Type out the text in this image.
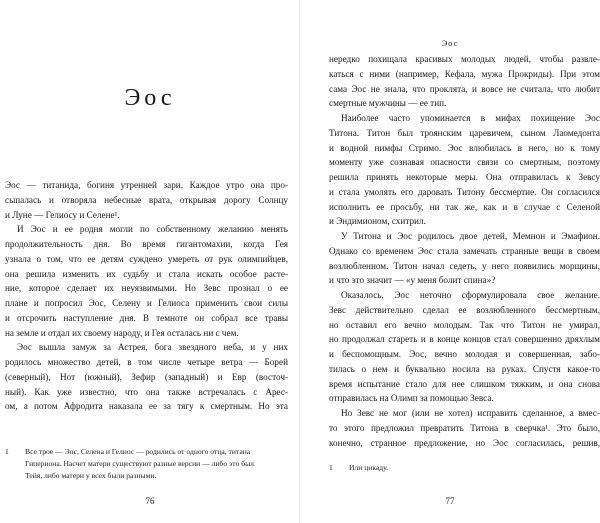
Эос
Эос — титанида, богиня утренней зари. Каждое утро она про-
сыпалась и отворяла небесные врата, открывая дорогу Солнцу
и Луне — Гелиосу и Селене¹.
И Эос и ее родня могли по собственному желанию менять
продолжительность дня. Во время гигантомахии, когда Гея
узнала о том, что ее детям суждено умереть от рук олимпийцев,
она решила изменить их судьбу и стала искать особое расте-
ние, которое сделает их неуязвимыми. Но Зевс прознал о ее
плане и попросил Эос, Селену и Гелиоса применить свои силы
и отсрочить наступление дня. В темноте он собрал все травы
на земле и отдал их своему народу, и Гея осталась ни с чем.
Эос вышла замуж за Астрея, бога звездного неба, и у них
родилось множество детей, в том числе четыре ветра — Борей
(северный), Нот (южный), Зефир (западный) и Евр (восточ-
ный). Как уже известно, что она также встречалась с Арес-
ом, а потом Афродита наказала ее за тягу к смертным. Но эта
1 Все трое — Эос, Селена и Гелиос — родились от одного отца, титана
Гипериона. Насчет матери существуют разные версии — либо это был
Тейя, либо матери у всех были разными.
76
Эос
нередко похищала красивых молодых людей, чтобы развле-
каться с ними (например, Кефала, мужа Прокриды). При этом
сама Эос не знала, что проклята, и вовсе не считала, что любит
смертные мужчины — ее тип.
Наиболее часто упоминается в мифах похищение Эос
Титона. Титон был троянским царевичем, сыном Лаомедонта
и водной нимфы Стримо. Эос влюбилась в него, но к тому
моменту уже сознавая опасности связи со смертным, поэтому
решила принять некоторые меры. Она отправилась к Зевсу
и стала умолять его даровать Титону бессмертие. Он согласился
исполнить ее просьбу, ни так же, как и в случае с Селеной
и Эндимионом, схитрил.
У Титона и Эос родилось двое детей, Мемнон и Эмафион.
Однако со временем Эос стала замечать странные вещи в своем
возлюбленном. Титон начал седеть, у него появились морщины,
и что это значит — «у меня болит спина»?
Оказалось, Эос неточно сформулировала свое желание.
Зевс действительно сделал ее возлюбленного бессмертным,
но оставил его вечно молодым. Так что Титон не умирал,
но продолжал стареть и в конце концов стал совершенно дряхлым
и беспомощным. Эос, вечно молодая и совершенная, забо-
тилась о нем и буквально носила на руках. Спустя какое-то
время испытание стало для нее слишком тяжким, и она снова
отправилась на Олимп за помощью Зевса.
Но Зевс не мог (или не хотел) исправить сделанное, а вмес-
то этого предложил превратить Титона в сверчка¹. Это было,
конечно, странное предложение, но Эос согласилась, решив,
1 Или цикаду.
77
